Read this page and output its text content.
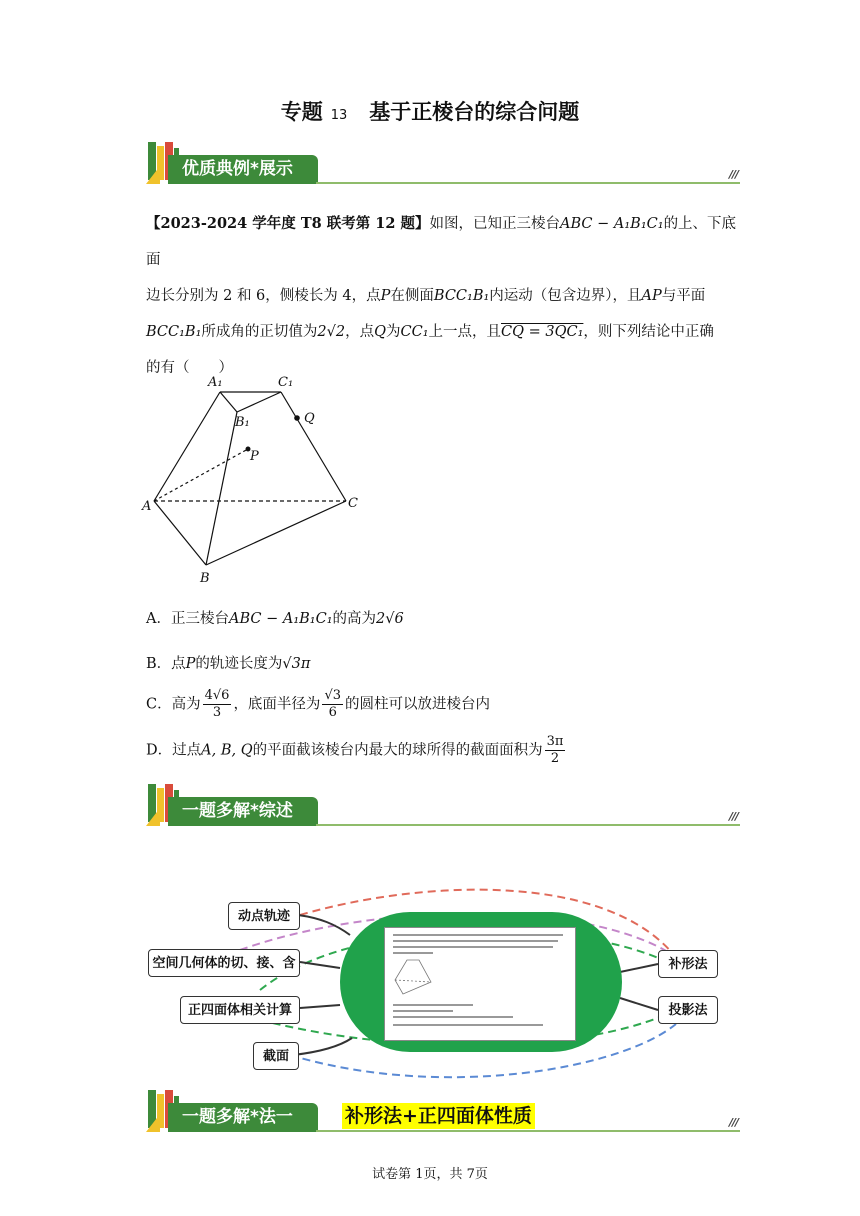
专题 13 基于正棱台的综合问题
优质典例*展示	///

【2023-2024 学年度 T8 联考第 12 题】如图，已知正三棱台ABC − A₁B₁C₁的上、下底面

边长分别为 2 和 6，侧棱长为 4，点P在侧面BCC₁B₁内运动（包含边界），且AP与平面

BCC₁B₁所成角的正切值为2√2，点Q为CC₁上一点，且CQ = 3QC₁，则下列结论中正确

的有（　　）

A₁	C₁
B₁	Q
P
A	C
B
A．正三棱台ABC − A₁B₁C₁的高为2√6
B．点P的轨迹长度为√3π
C．高为 $\frac{4√6}{3}$ ，底面半径为 $\frac{√3}{6}$ 的圆柱可以放进棱台内
D．过点A, B, Q的平面截该棱台内最大的球所得的截面面积为 $\frac{3\pi}{2}$
一题多解*综述	///
动点轨迹
空间几何体的切、接、含
正四面体相关计算
截面
补形法
投影法
一题多解*法一	///
补形法+正四面体性质
试卷第 1页，共 7页
